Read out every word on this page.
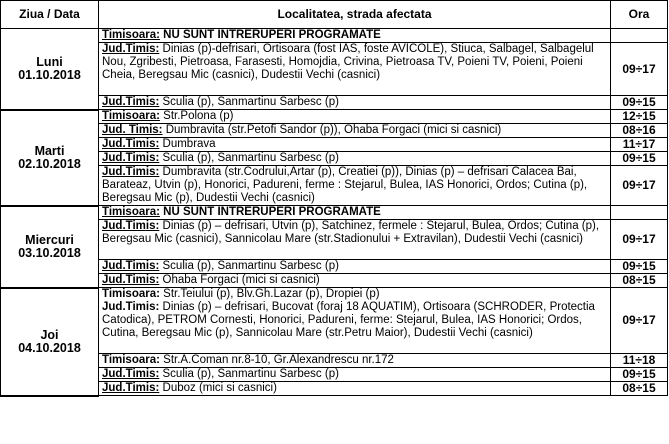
Ziua / Data	Localitatea, strada afectata	Ora

Luni
01.10.2018	Timisoara: NU SUNT INTRERUPERI PROGRAMATE	
	Jud.Timis: Dinias (p)-defrisari, Ortisoara (fost IAS, foste AVICOLE), Stiuca, Salbagel, Salbagelul Nou, Zgribesti, Pietroasa, Farasesti, Homojdia, Crivina, Pietroasa TV, Poieni TV, Poieni, Poieni Cheia, Beregsau Mic (casnici), Dudestii Vechi (casnici)	09÷17
	Jud.Timis: Sculia (p), Sanmartinu Sarbesc (p)	09÷15

Marti
02.10.2018	Timisoara: Str.Polona (p)	12÷15
	Jud. Timis: Dumbravita (str.Petofi Sandor (p)), Ohaba Forgaci (mici si casnici)	08÷16
	Jud.Timis: Dumbrava	11÷17
	Jud.Timis: Sculia (p), Sanmartinu Sarbesc (p)	09÷15
	Jud.Timis: Dumbravita (str.Codrului,Artar (p), Creatiei (p)), Dinias (p) – defrisari Calacea Bai, Barateaz, Utvin (p), Honorici, Padureni, ferme : Stejarul, Bulea, IAS Honorici, Ordos; Cutina (p), Beregsau Mic (p), Dudestii Vechi (casnici)	09÷17

Miercuri
03.10.2018	Timisoara: NU SUNT INTRERUPERI PROGRAMATE	
	Jud.Timis: Dinias (p) – defrisari, Utvin (p), Satchinez, fermele : Stejarul, Bulea, Ordos; Cutina (p), Beregsau Mic (casnici), Sannicolau Mare (str.Stadionului + Extravilan), Dudestii Vechi (casnici)	09÷17
	Jud.Timis: Sculia (p), Sanmartinu Sarbesc (p)	09÷15
	Jud.Timis: Ohaba Forgaci (mici si casnici)	08÷15

Joi
04.10.2018	Timisoara: Str.Teiului (p), Blv.Gh.Lazar (p), Dropiei (p)
Jud.Timis: Dinias (p) – defrisari, Bucovat (foraj 18 AQUATIM), Ortisoara (SCHRODER, Protectia Catodica), PETROM Cornesti, Honorici, Padureni, ferme: Stejarul, Bulea, IAS Honorici; Ordos, Cutina, Beregsau Mic (p), Sannicolau Mare (str.Petru Maior), Dudestii Vechi (casnici)	09÷17
	Timisoara: Str.A.Coman nr.8-10, Gr.Alexandrescu nr.172	11÷18
	Jud.Timis: Sculia (p), Sanmartinu Sarbesc (p)	09÷15
	Jud.Timis: Duboz (mici si casnici)	08÷15
